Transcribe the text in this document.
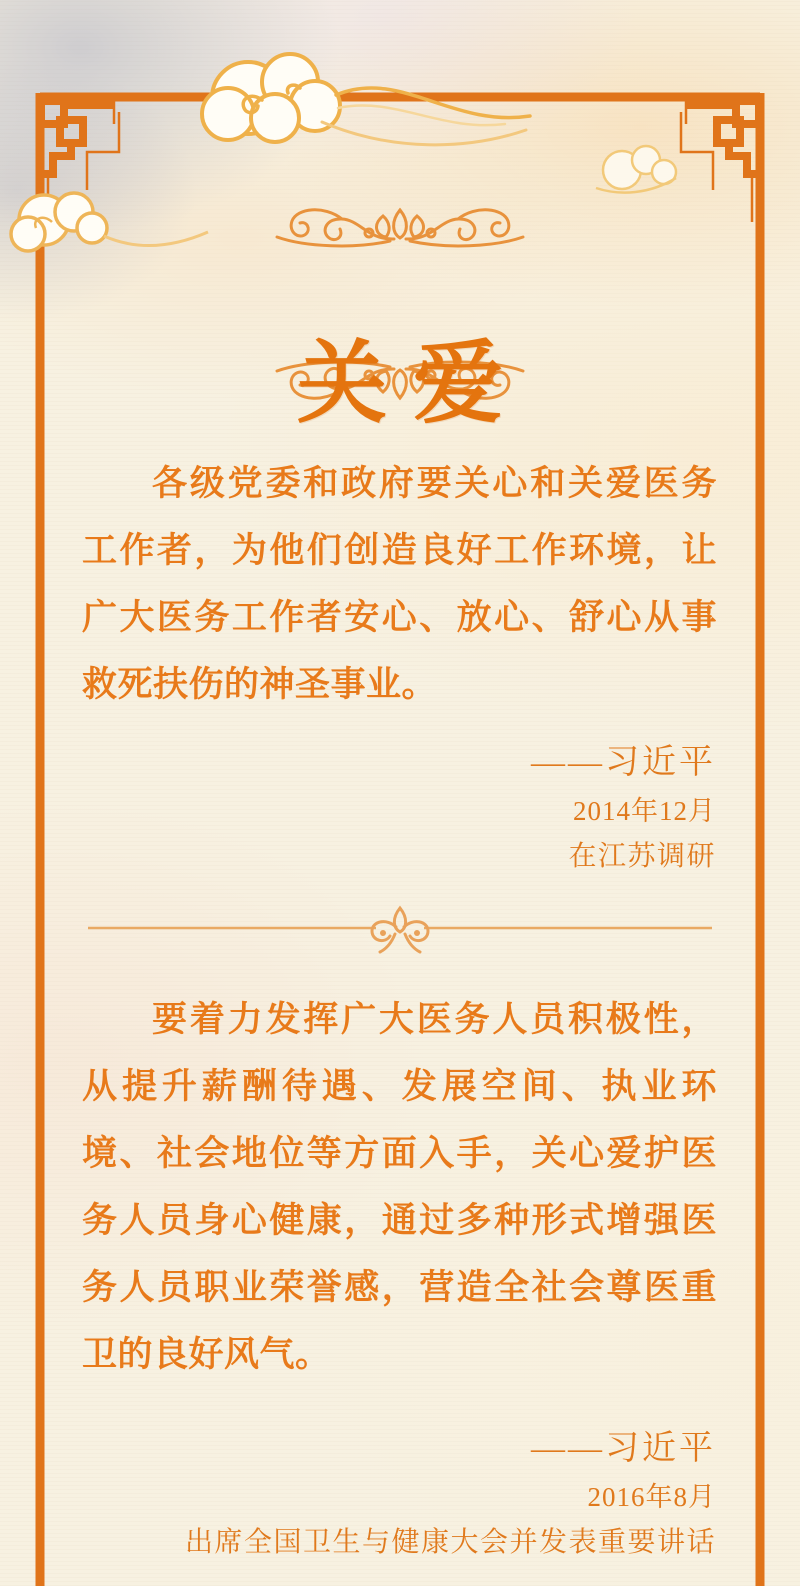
关爱

各级党委和政府要关心和关爱医务工作者，为他们创造良好工作环境，让广大医务工作者安心、放心、舒心从事救死扶伤的神圣事业。

——习近平
2014年12月
在江苏调研

要着力发挥广大医务人员积极性，从提升薪酬待遇、发展空间、执业环境、社会地位等方面入手，关心爱护医务人员身心健康，通过多种形式增强医务人员职业荣誉感，营造全社会尊医重卫的良好风气。

——习近平
2016年8月
出席全国卫生与健康大会并发表重要讲话
